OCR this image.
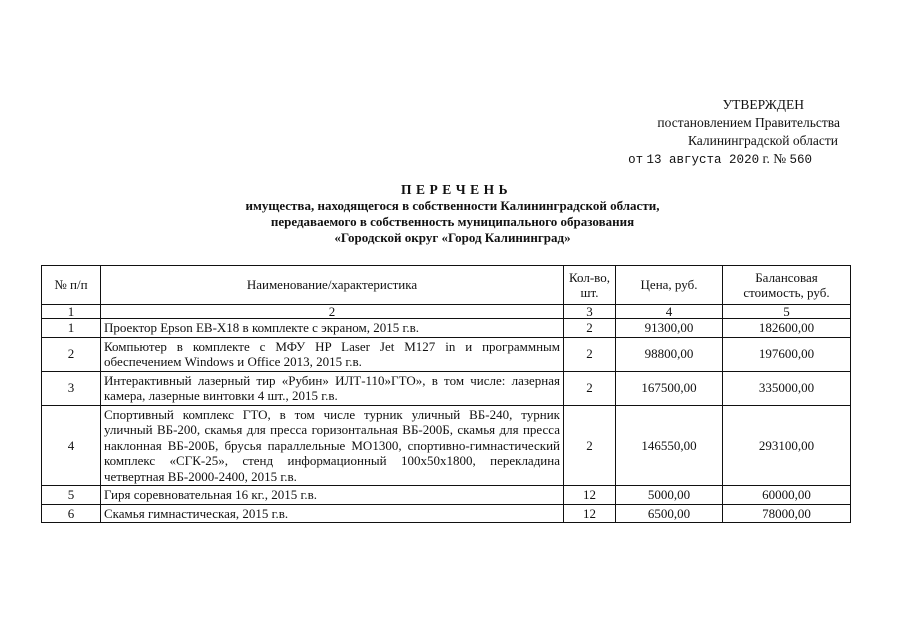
УТВЕРЖДЕН
постановлением Правительства
Калининградской области
от 13 августа 2020 г. № 560
ПЕРЕЧЕНЬ
имущества, находящегося в собственности Калининградской области,
передаваемого в собственность муниципального образования
«Городской округ «Город Калининград»
№ п/п	Наименование/характеристика	Кол-во, шт.	Цена, руб.	Балансовая стоимость, руб.
1	2	3	4	5
1	Проектор Epson EB-X18 в комплекте с экраном, 2015 г.в.	2	91300,00	182600,00
2	Компьютер в комплекте с МФУ HP Laser Jet M127 in и программным обеспечением Windows и Office 2013, 2015 г.в.	2	98800,00	197600,00
3	Интерактивный лазерный тир «Рубин» ИЛТ-110»ГТО», в том числе: лазерная камера, лазерные винтовки 4 шт., 2015 г.в.	2	167500,00	335000,00
4	Спортивный комплекс ГТО, в том числе турник уличный ВБ-240, турник уличный ВБ-200, скамья для пресса горизонтальная ВБ-200Б, скамья для пресса наклонная ВБ-200Б, брусья параллельные МО1300, спортивно-гимнастический комплекс «СГК-25», стенд информационный 100х50х1800, перекладина четвертная ВБ-2000-2400, 2015 г.в.	2	146550,00	293100,00
5	Гиря соревновательная 16 кг., 2015 г.в.	12	5000,00	60000,00
6	Скамья гимнастическая, 2015 г.в.	12	6500,00	78000,00
